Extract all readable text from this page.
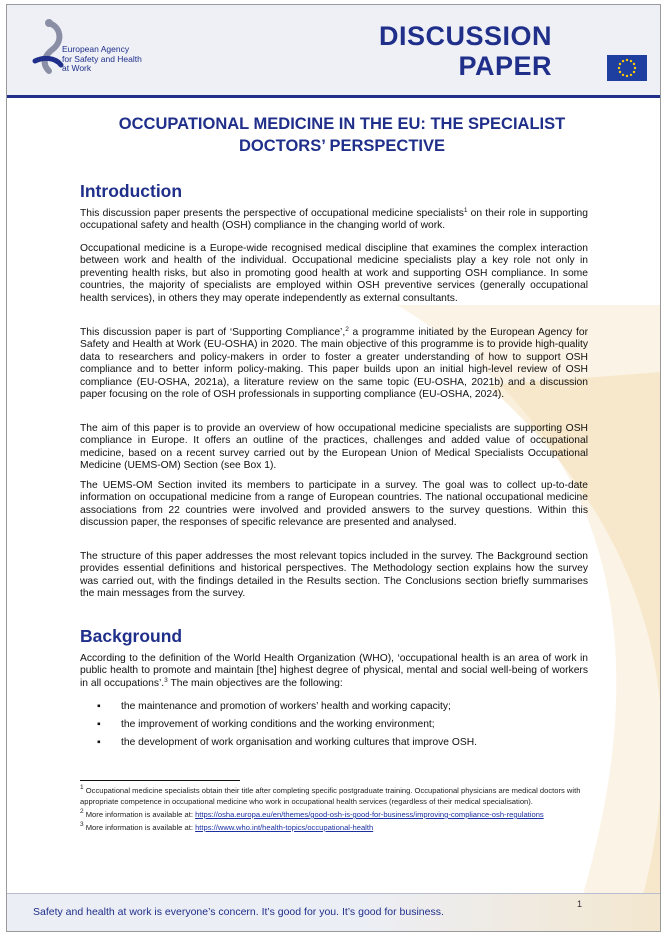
European Agency
for Safety and Health
at Work
DISCUSSION
PAPER
OCCUPATIONAL MEDICINE IN THE EU: THE SPECIALIST
DOCTORS’ PERSPECTIVE
Introduction
This discussion paper presents the perspective of occupational medicine specialists$^1$ on their role in supporting occupational safety and health (OSH) compliance in the changing world of work.
Occupational medicine is a Europe-wide recognised medical discipline that examines the complex interaction between work and health of the individual. Occupational medicine specialists play a key role not only in preventing health risks, but also in promoting good health at work and supporting OSH compliance. In some countries, the majority of specialists are employed within OSH preventive services (generally occupational health services), in others they may operate independently as external consultants.
This discussion paper is part of ‘Supporting Compliance’,$^2$ a programme initiated by the European Agency for Safety and Health at Work (EU-OSHA) in 2020. The main objective of this programme is to provide high-quality data to researchers and policy-makers in order to foster a greater understanding of how to support OSH compliance and to better inform policy-making. This paper builds upon an initial high-level review of OSH compliance (EU-OSHA, 2021a), a literature review on the same topic (EU-OSHA, 2021b) and a discussion paper focusing on the role of OSH professionals in supporting compliance (EU-OSHA, 2024).
The aim of this paper is to provide an overview of how occupational medicine specialists are supporting OSH compliance in Europe. It offers an outline of the practices, challenges and added value of occupational medicine, based on a recent survey carried out by the European Union of Medical Specialists Occupational Medicine (UEMS-OM) Section (see Box 1).
The UEMS-OM Section invited its members to participate in a survey. The goal was to collect up-to-date information on occupational medicine from a range of European countries. The national occupational medicine associations from 22 countries were involved and provided answers to the survey questions. Within this discussion paper, the responses of specific relevance are presented and analysed.
The structure of this paper addresses the most relevant topics included in the survey. The Background section provides essential definitions and historical perspectives. The Methodology section explains how the survey was carried out, with the findings detailed in the Results section. The Conclusions section briefly summarises the main messages from the survey.
Background
According to the definition of the World Health Organization (WHO), ‘occupational health is an area of work in public health to promote and maintain [the] highest degree of physical, mental and social well-being of workers in all occupations’.$^3$ The main objectives are the following:
▪ the maintenance and promotion of workers’ health and working capacity;
▪ the improvement of working conditions and the working environment;
▪ the development of work organisation and working cultures that improve OSH.
$^1$ Occupational medicine specialists obtain their title after completing specific postgraduate training. Occupational physicians are medical doctors with appropriate competence in occupational medicine who work in occupational health services (regardless of their medical specialisation).
$^2$ More information is available at: https://osha.europa.eu/en/themes/good-osh-is-good-for-business/improving-compliance-osh-regulations
$^3$ More information is available at: https://www.who.int/health-topics/occupational-health
Safety and health at work is everyone’s concern. It’s good for you. It’s good for business.
1
